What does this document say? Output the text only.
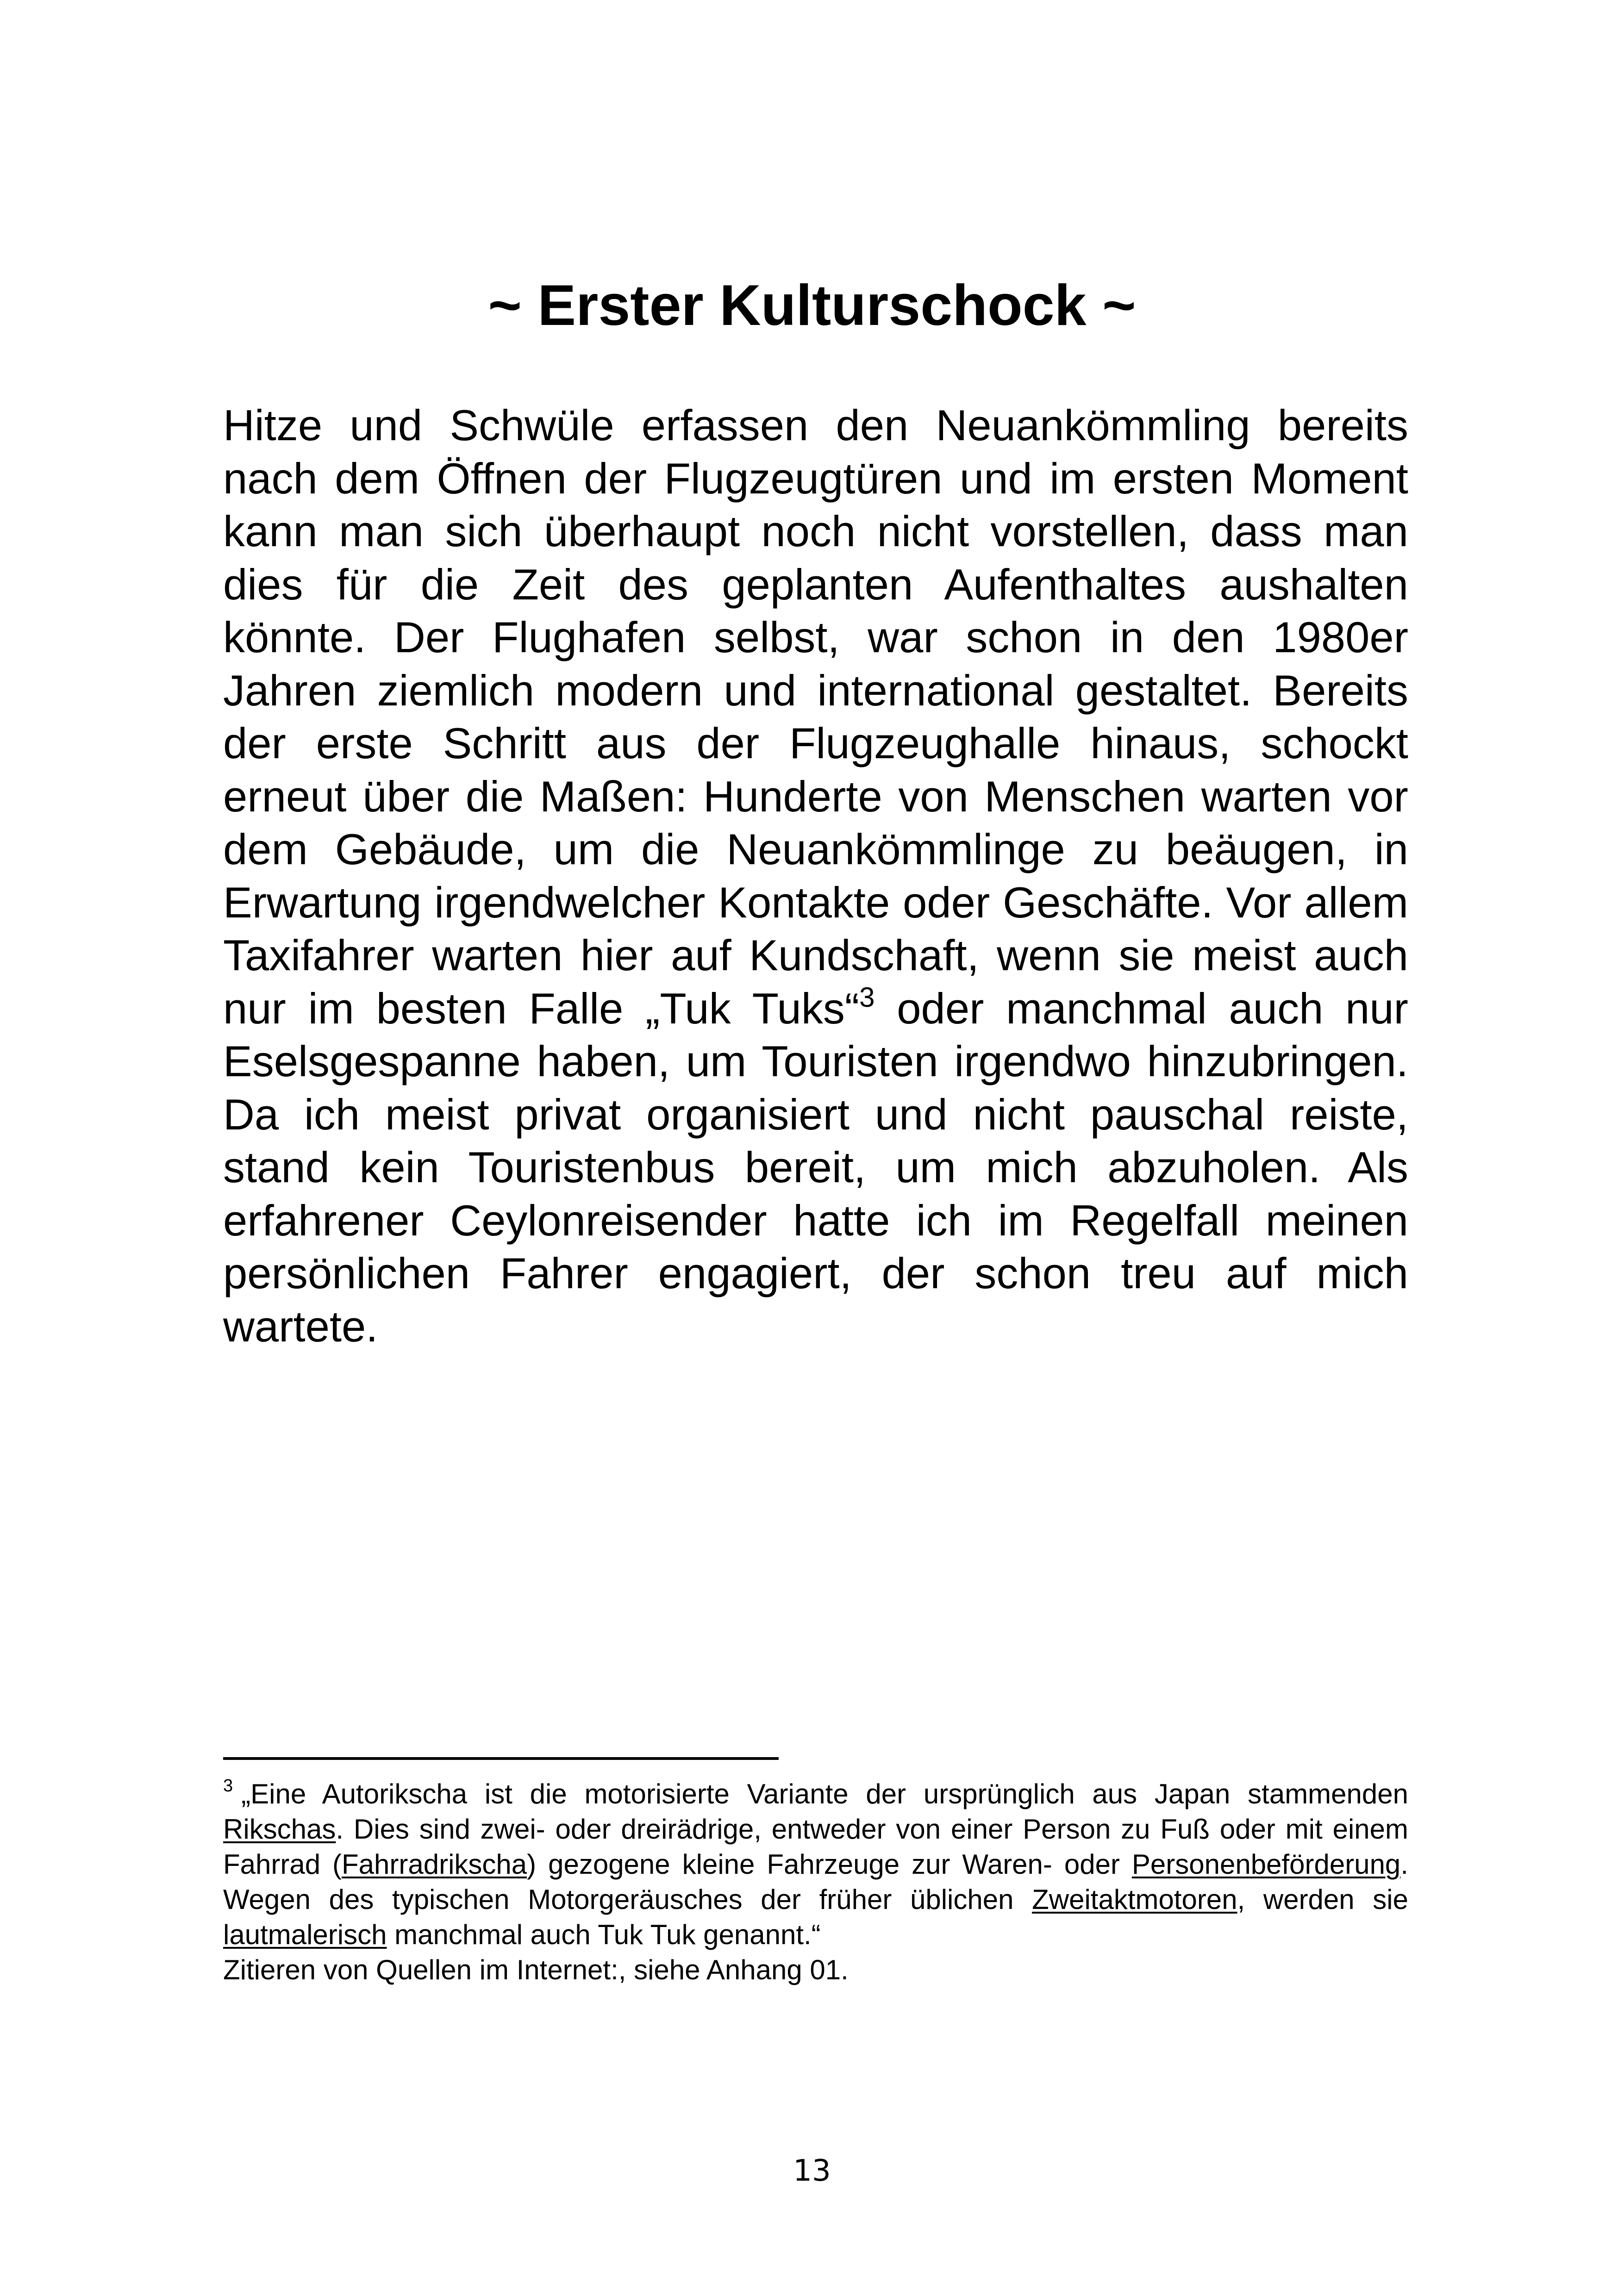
~ Erster Kulturschock ~

Hitze und Schwüle erfassen den Neuankömmling bereits nach dem Öffnen der Flugzeugtüren und im ersten Moment kann man sich überhaupt noch nicht vorstellen, dass man dies für die Zeit des geplanten Aufenthaltes aushalten könnte. Der Flughafen selbst, war schon in den 1980er Jahren ziemlich modern und international gestaltet. Bereits der erste Schritt aus der Flugzeughalle hinaus, schockt erneut über die Maßen: Hunderte von Menschen warten vor dem Gebäude, um die Neuankömmlinge zu beäugen, in Erwartung irgendwelcher Kontakte oder Geschäfte. Vor allem Taxifahrer warten hier auf Kundschaft, wenn sie meist auch nur im besten Falle „Tuk Tuks“$^3$ oder manchmal auch nur Eselsgespanne haben, um Touristen irgendwo hinzubringen. Da ich meist privat organisiert und nicht pauschal reiste, stand kein Touristenbus bereit, um mich abzuholen. Als erfahrener Ceylonreisender hatte ich im Regelfall meinen persönlichen Fahrer engagiert, der schon treu auf mich wartete.

$^3$ „Eine Autorikscha ist die motorisierte Variante der ursprünglich aus Japan stammenden Rikschas. Dies sind zwei- oder dreirädrige, entweder von einer Person zu Fuß oder mit einem Fahrrad (Fahrradrikscha) gezogene kleine Fahrzeuge zur Waren- oder Personenbeförderung. Wegen des typischen Motorgeräusches der früher üblichen Zweitaktmotoren, werden sie lautmalerisch manchmal auch Tuk Tuk genannt.“
Zitieren von Quellen im Internet:, siehe Anhang 01.

13
